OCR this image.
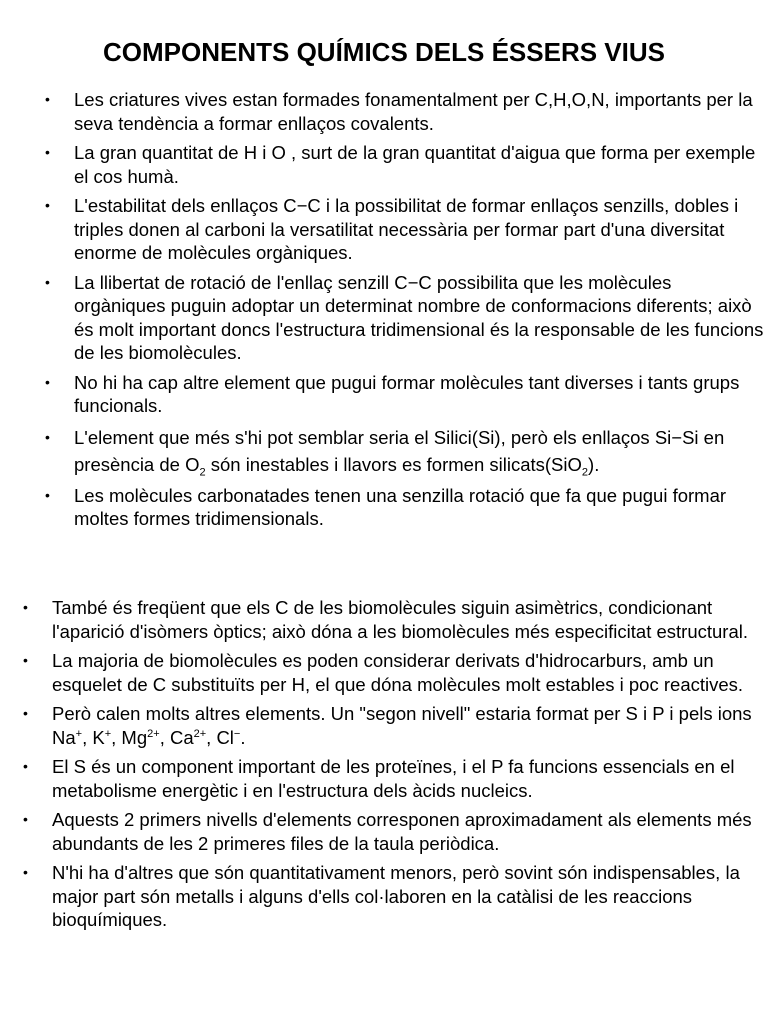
COMPONENTS QUÍMICS DELS ÉSSERS VIUS
• Les criatures vives estan formades fonamentalment per C,H,O,N, importants per la seva tendència a formar enllaços covalents.
• La gran quantitat de H i O , surt de la gran quantitat d'aigua que forma per exemple el cos humà.
• L'estabilitat dels enllaços C−C i la possibilitat de formar enllaços senzills, dobles i triples donen al carboni la versatilitat necessària per formar part d'una diversitat enorme de molècules orgàniques.
• La llibertat de rotació de l'enllaç senzill C−C possibilita que les molècules orgàniques puguin adoptar un determinat nombre de conformacions diferents; això és molt important doncs l'estructura tridimensional és la responsable de les funcions de les biomolècules.
• No hi ha cap altre element que pugui formar molècules tant diverses i tants grups funcionals.
• L'element que més s'hi pot semblar seria el Silici(Si), però els enllaços Si−Si en presència de $O_2$ són inestables i llavors es formen silicats(SiO$_2$).
• Les molècules carbonatades tenen una senzilla rotació que fa que pugui formar moltes formes tridimensionals.
• També és freqüent que els C de les biomolècules siguin asimètrics, condicionant l'aparició d'isòmers òptics; això dóna a les biomolècules més especificitat estructural.
• La majoria de biomolècules es poden considerar derivats d'hidrocarburs, amb un esquelet de C substituïts per H, el que dóna molècules molt estables i poc reactives.
• Però calen molts altres elements. Un "segon nivell" estaria format per S i P i pels ions Na+, K+, $Mg^{2+}$, $Ca^{2+}$, Cl−.
• El S és un component important de les proteïnes, i el P fa funcions essencials en el metabolisme energètic i en l'estructura dels àcids nucleics.
• Aquests 2 primers nivells d'elements corresponen aproximadament als elements més abundants de les 2 primeres files de la taula periòdica.
• N'hi ha d'altres que són quantitativament menors, però sovint són indispensables, la major part són metalls i alguns d'ells col·laboren en la catàlisi de les reaccions bioquímiques.
